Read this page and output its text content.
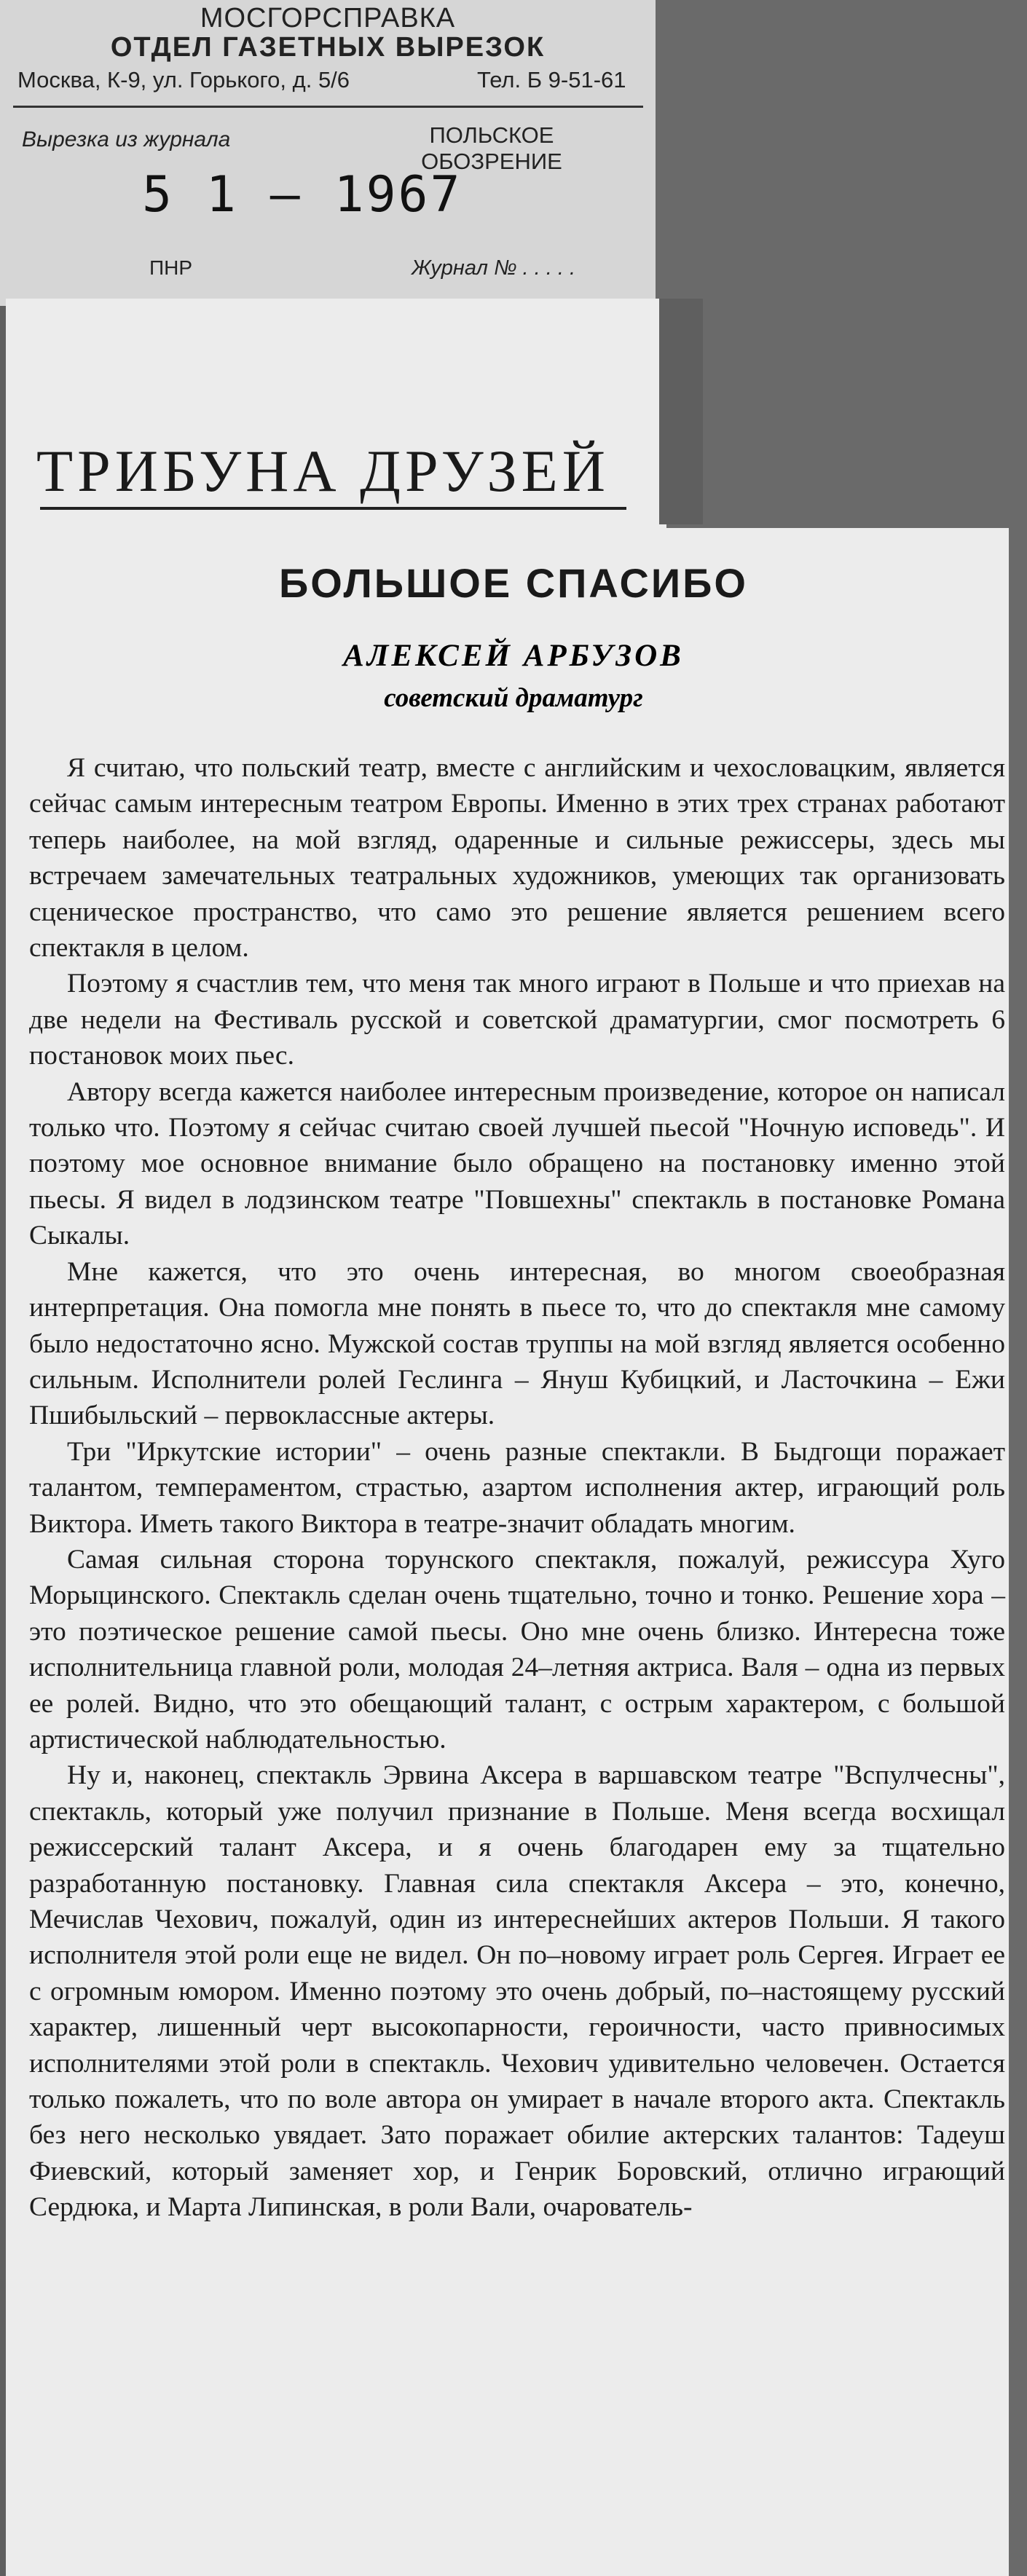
МОСГОРСПРАВКА
ОТДЕЛ ГАЗЕТНЫХ ВЫРЕЗОК
Москва, К-9, ул. Горького, д. 5/6	Тел. Б 9-51-61
Вырезка из журнала	ПОЛЬСКОЕ ОБОЗРЕНИЕ
5 1 — 1967
ПНР	Журнал № . . . . .
ТРИБУНА ДРУЗЕЙ
БОЛЬШОЕ СПАСИБО
АЛЕКСЕЙ АРБУЗОВ
советский драматург

Я считаю, что польский театр, вместе с английским и чехословацким, является сейчас самым интересным театром Европы. Именно в этих трех странах работают теперь наиболее, на мой взгляд, одаренные и сильные режиссеры, здесь мы встречаем замечательных театральных художников, умеющих так организовать сценическое пространство, что само это решение является решением всего спектакля в целом.

Поэтому я счастлив тем, что меня так много играют в Польше и что приехав на две недели на Фестиваль русской и советской драматургии, смог посмотреть 6 постановок моих пьес.

Автору всегда кажется наиболее интересным произведение, которое он написал только что. Поэтому я сейчас считаю своей лучшей пьесой "Ночную исповедь". И поэтому мое основное внимание было обращено на постановку именно этой пьесы. Я видел в лодзинском театре "Повшехны" спектакль в постановке Романа Сыкалы.

Мне кажется, что это очень интересная, во многом своеобразная интерпретация. Она помогла мне понять в пьесе то, что до спектакля мне самому было недостаточно ясно. Мужской состав труппы на мой взгляд является особенно сильным. Исполнители ролей Геслинга – Януш Кубицкий, и Ласточкина – Ежи Пшибыльский – первоклассные актеры.

Три "Иркутские истории" – очень разные спектакли. В Быдгощи поражает талантом, темпераментом, страстью, азартом исполнения актер, играющий роль Виктора. Иметь такого Виктора в театре-значит обладать многим.

Самая сильная сторона торунского спектакля, пожалуй, режиссура Хуго Морыцинского. Спектакль сделан очень тщательно, точно и тонко. Решение хора – это поэтическое решение самой пьесы. Оно мне очень близко. Интересна тоже исполнительница главной роли, молодая 24–летняя актриса. Валя – одна из первых ее ролей. Видно, что это обещающий талант, с острым характером, с большой артистической наблюдательностью.

Ну и, наконец, спектакль Эрвина Аксера в варшавском театре "Вспулчесны", спектакль, который уже получил признание в Польше. Меня всегда восхищал режиссерский талант Аксера, и я очень благодарен ему за тщательно разработанную постановку. Главная сила спектакля Аксера – это, конечно, Мечислав Чехович, пожалуй, один из интереснейших актеров Польши. Я такого исполнителя этой роли еще не видел. Он по–новому играет роль Сергея. Играет ее с огромным юмором. Именно поэтому это очень добрый, по–настоящему русский характер, лишенный черт высокопарности, героичности, часто привносимых исполнителями этой роли в спектакль. Чехович удивительно человечен. Остается только пожалеть, что по воле автора он умирает в начале второго акта. Спектакль без него несколько увядает. Зато поражает обилие актерских талантов: Тадеуш Фиевский, который заменяет хор, и Генрик Боровский, отлично играющий Сердюка, и Марта Липинская, в роли Вали, очарователь-
